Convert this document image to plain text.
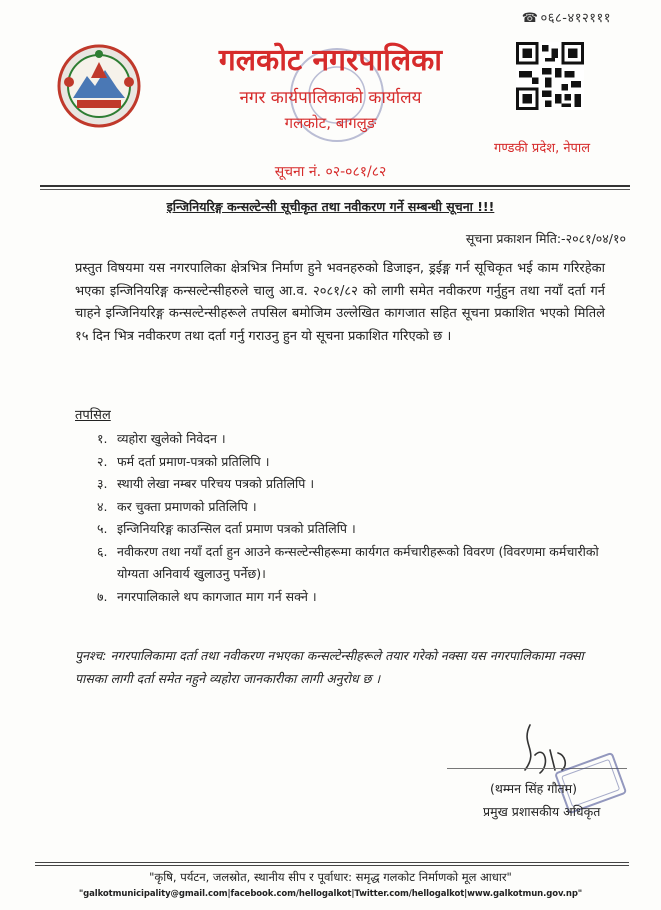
☎ ०६८-४१२१११
गलकोट नगरपालिका
नगर कार्यपालिकाको कार्यालय
गलकोट, बागलुङ
सूचना नं. ०२-०८१/८२
गण्डकी प्रदेश, नेपाल
इन्जिनियरिङ्ग कन्सल्टेन्सी सूचीकृत तथा नवीकरण गर्ने सम्बन्धी सूचना !!!
सूचना प्रकाशन मिति:-२०८१/०४/१०
प्रस्तुत विषयमा यस नगरपालिका क्षेत्रभित्र निर्माण हुने भवनहरुको डिजाइन, ड्रईङ्ग गर्न सूचिकृत भई काम गरिरहेका भएका इन्जिनियरिङ्ग कन्सल्टेन्सीहरुले चालु आ.व. २०८१/८२ को लागी समेत नवीकरण गर्नुहुन तथा नयाँ दर्ता गर्न चाहने इन्जिनियरिङ्ग कन्सल्टेन्सीहरूले तपसिल बमोजिम उल्लेखित कागजात सहित सूचना प्रकाशित भएको मितिले १५ दिन भित्र नवीकरण तथा दर्ता गर्नु गराउनु हुन यो सूचना प्रकाशित गरिएको छ ।
तपसिल
१. व्यहोरा खुलेको निवेदन ।
२. फर्म दर्ता प्रमाण-पत्रको प्रतिलिपि ।
३. स्थायी लेखा नम्बर परिचय पत्रको प्रतिलिपि ।
४. कर चुक्ता प्रमाणको प्रतिलिपि ।
५. इन्जिनियरिङ्ग काउन्सिल दर्ता प्रमाण पत्रको प्रतिलिपि ।
६. नवीकरण तथा नयाँ दर्ता हुन आउने कन्सल्टेन्सीहरूमा कार्यगत कर्मचारीहरूको विवरण (विवरणमा कर्मचारीको योग्यता अनिवार्य खुलाउनु पर्नेछ)।
७. नगरपालिकाले थप कागजात माग गर्न सक्ने ।
पुनश्च: नगरपालिकामा दर्ता तथा नवीकरण नभएका कन्सल्टेन्सीहरूले तयार गरेको नक्सा यस नगरपालिकामा नक्सा पासका लागी दर्ता समेत नहुने व्यहोरा जानकारीका लागी अनुरोध छ ।
(थम्मन सिंह गौतम)
प्रमुख प्रशासकीय अधिकृत
"कृषि, पर्यटन, जलस्रोत, स्थानीय सीप र पूर्वाधार: समृद्ध गलकोट निर्माणको मूल आधार"
"galkotmunicipality@gmail.com|facebook.com/hellogalkot|Twitter.com/hellogalkot|www.galkotmun.gov.np"
